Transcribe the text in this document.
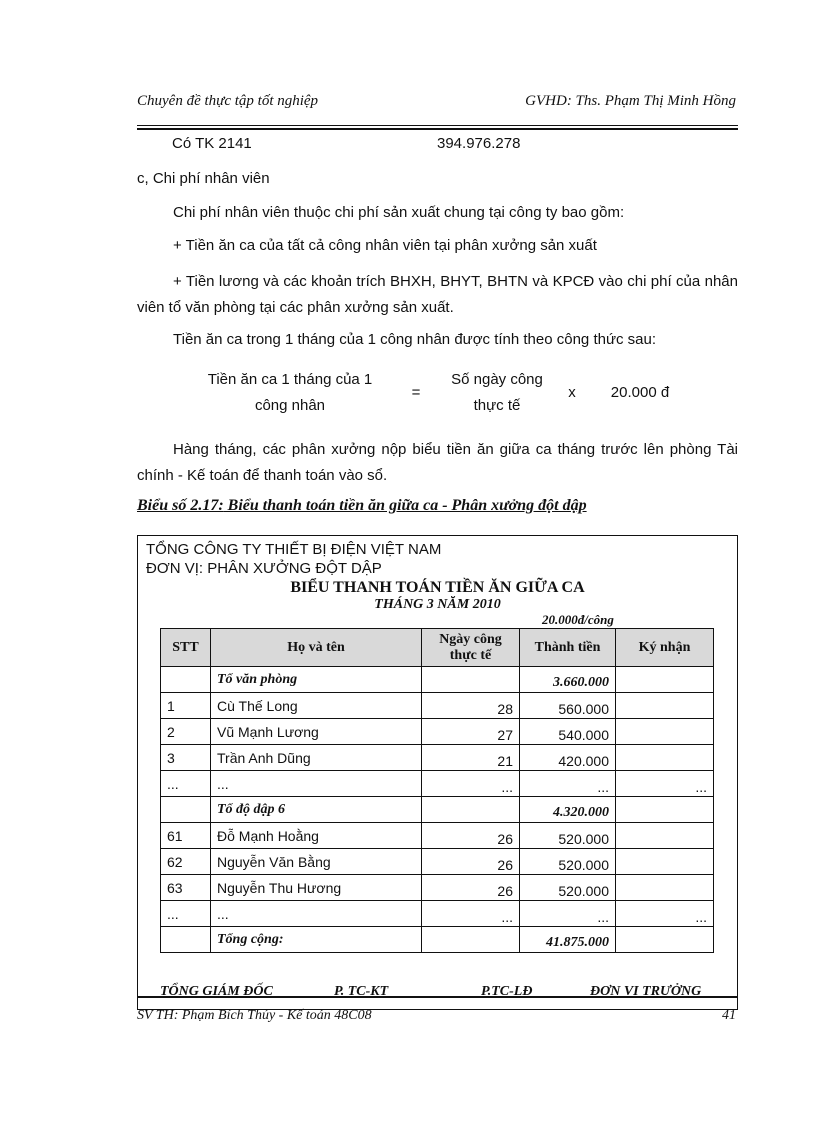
Chuyên đề thực tập tốt nghiệp	GVHD: Ths. Phạm Thị Minh Hồng
Có TK 2141	394.976.278
c, Chi phí nhân viên
Chi phí nhân viên thuộc chi phí sản xuất chung tại công ty bao gồm:
+ Tiền ăn ca của tất cả công nhân viên tại phân xưởng sản xuất
+ Tiền lương và các khoản trích BHXH, BHYT, BHTN và KPCĐ vào chi phí của nhân viên tổ văn phòng tại các phân xưởng sản xuất.
Tiền ăn ca trong 1 tháng của 1 công nhân được tính theo công thức sau:
Tiền ăn ca 1 tháng của 1
công nhân
=
Số ngày công
thực tế
x	20.000 đ
Hàng tháng, các phân xưởng nộp biểu tiền ăn giữa ca tháng trước lên phòng Tài chính - Kế toán để thanh toán vào sổ.
Biểu số 2.17: Biểu thanh toán tiền ăn giữa ca - Phân xưởng đột dập
TỔNG CÔNG TY THIẾT BỊ ĐIỆN VIỆT NAM
ĐƠN VỊ: PHÂN XƯỞNG ĐỘT DẬP
BIỂU THANH TOÁN TIỀN ĂN GIỮA CA
THÁNG 3 NĂM 2010
20.000đ/công
STT	Họ và tên	Ngày công thực tế	Thành tiền	Ký nhận
	Tổ văn phòng		3.660.000	
1	Cù Thế Long	28	560.000	
2	Vũ Mạnh Lương	27	540.000	
3	Trần Anh Dũng	21	420.000	
...	...	...	...	...
	Tổ độ dập 6		4.320.000	
61	Đỗ Mạnh Hoằng	26	520.000	
62	Nguyễn Văn Bằng	26	520.000	
63	Nguyễn Thu Hương	26	520.000	
...	...	...	...	...
	Tổng cộng:		41.875.000	
TỔNG GIÁM ĐỐC	P. TC-KT	P.TC-LĐ	ĐƠN VỊ TRƯỞNG
SV TH: Phạm Bích Thủy - Kế toán 48C08	41
